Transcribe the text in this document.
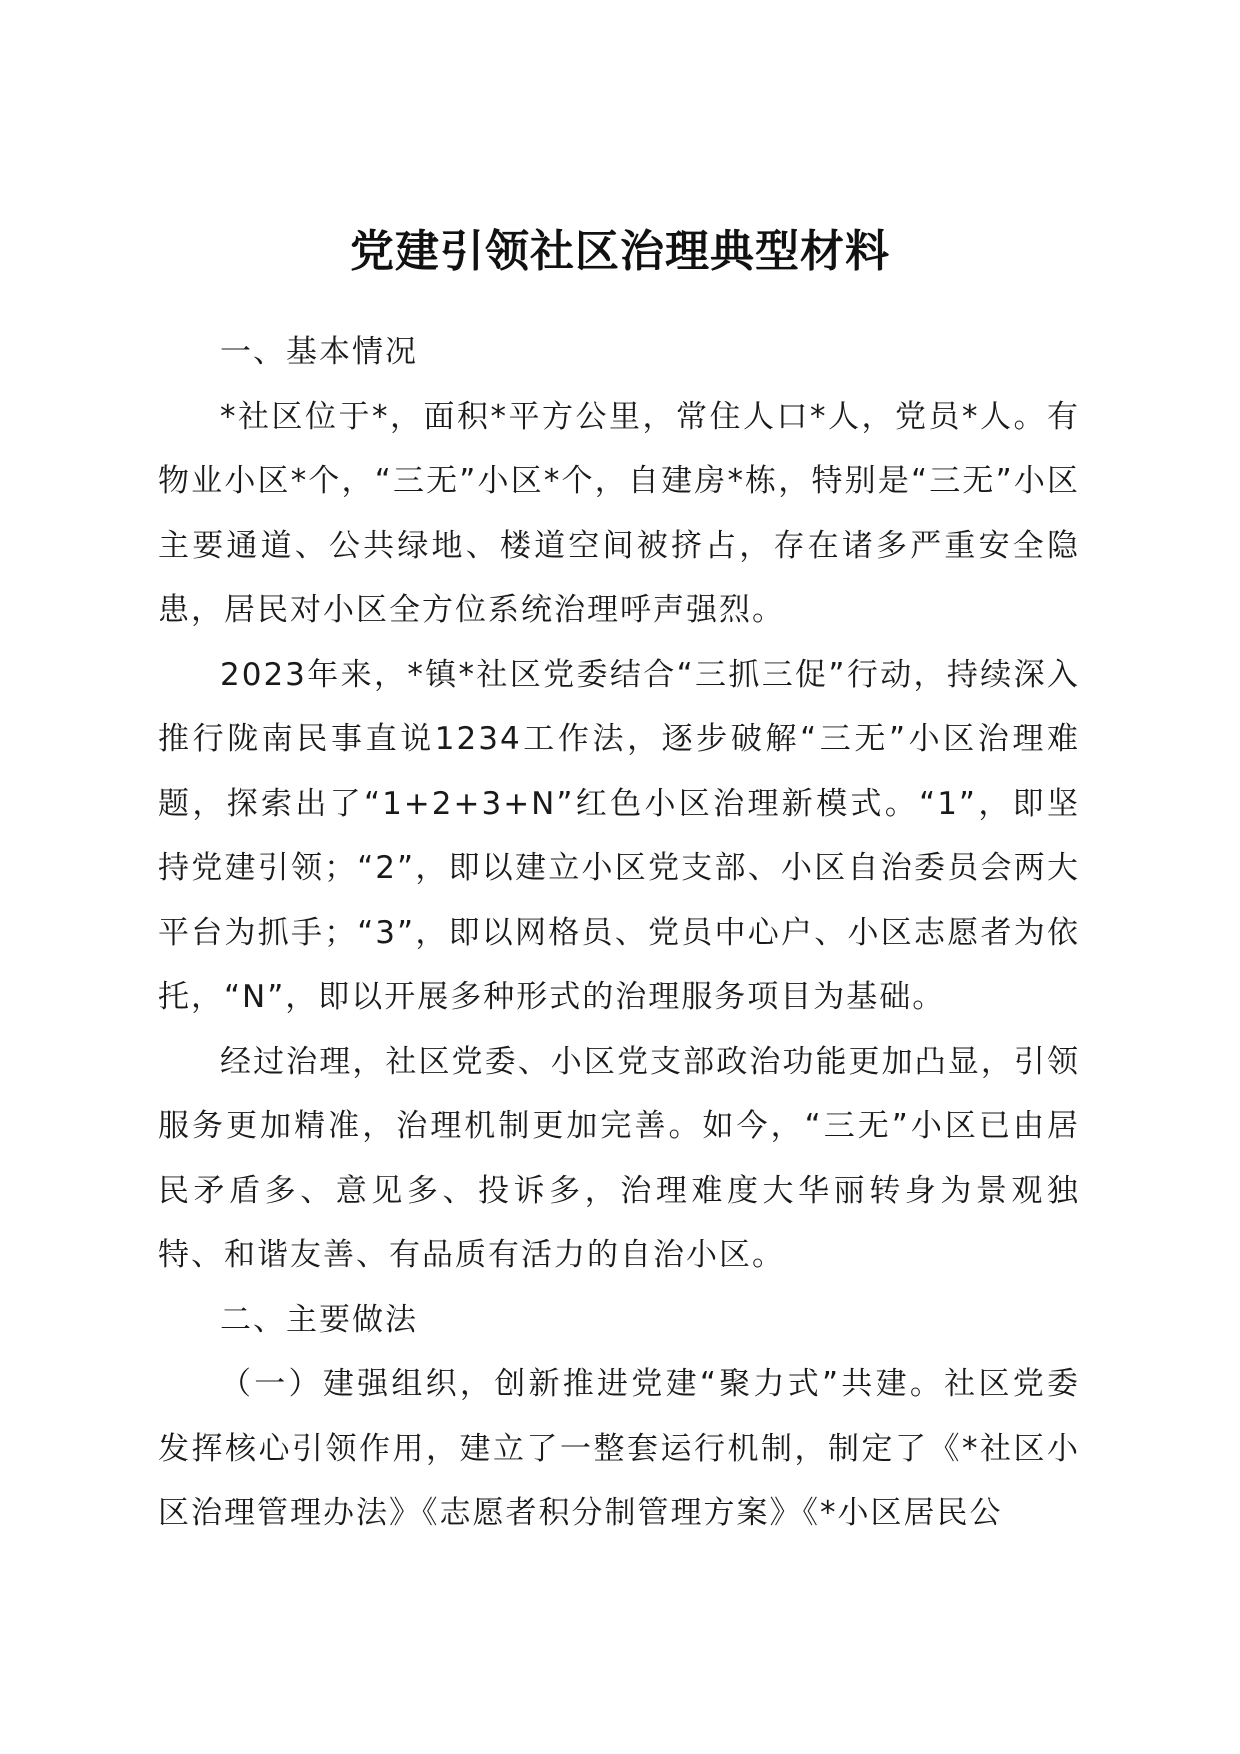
党建引领社区治理典型材料

一、基本情况

*社区位于*，面积*平方公里，常住人口*人，党员*人。有物业小区*个，“三无”小区*个，自建房*栋，特别是“三无”小区主要通道、公共绿地、楼道空间被挤占，存在诸多严重安全隐患，居民对小区全方位系统治理呼声强烈。

2023年来，*镇*社区党委结合“三抓三促”行动，持续深入推行陇南民事直说1234工作法，逐步破解“三无”小区治理难题，探索出了“1+2+3+N”红色小区治理新模式。“1”，即坚持党建引领；“2”，即以建立小区党支部、小区自治委员会两大平台为抓手；“3”，即以网格员、党员中心户、小区志愿者为依托，“N”，即以开展多种形式的治理服务项目为基础。

经过治理，社区党委、小区党支部政治功能更加凸显，引领服务更加精准，治理机制更加完善。如今，“三无”小区已由居民矛盾多、意见多、投诉多，治理难度大华丽转身为景观独特、和谐友善、有品质有活力的自治小区。

二、主要做法

（一）建强组织，创新推进党建“聚力式”共建。社区党委发挥核心引领作用，建立了一整套运行机制，制定了《*社区小区治理管理办法》《志愿者积分制管理方案》《*小区居民公
